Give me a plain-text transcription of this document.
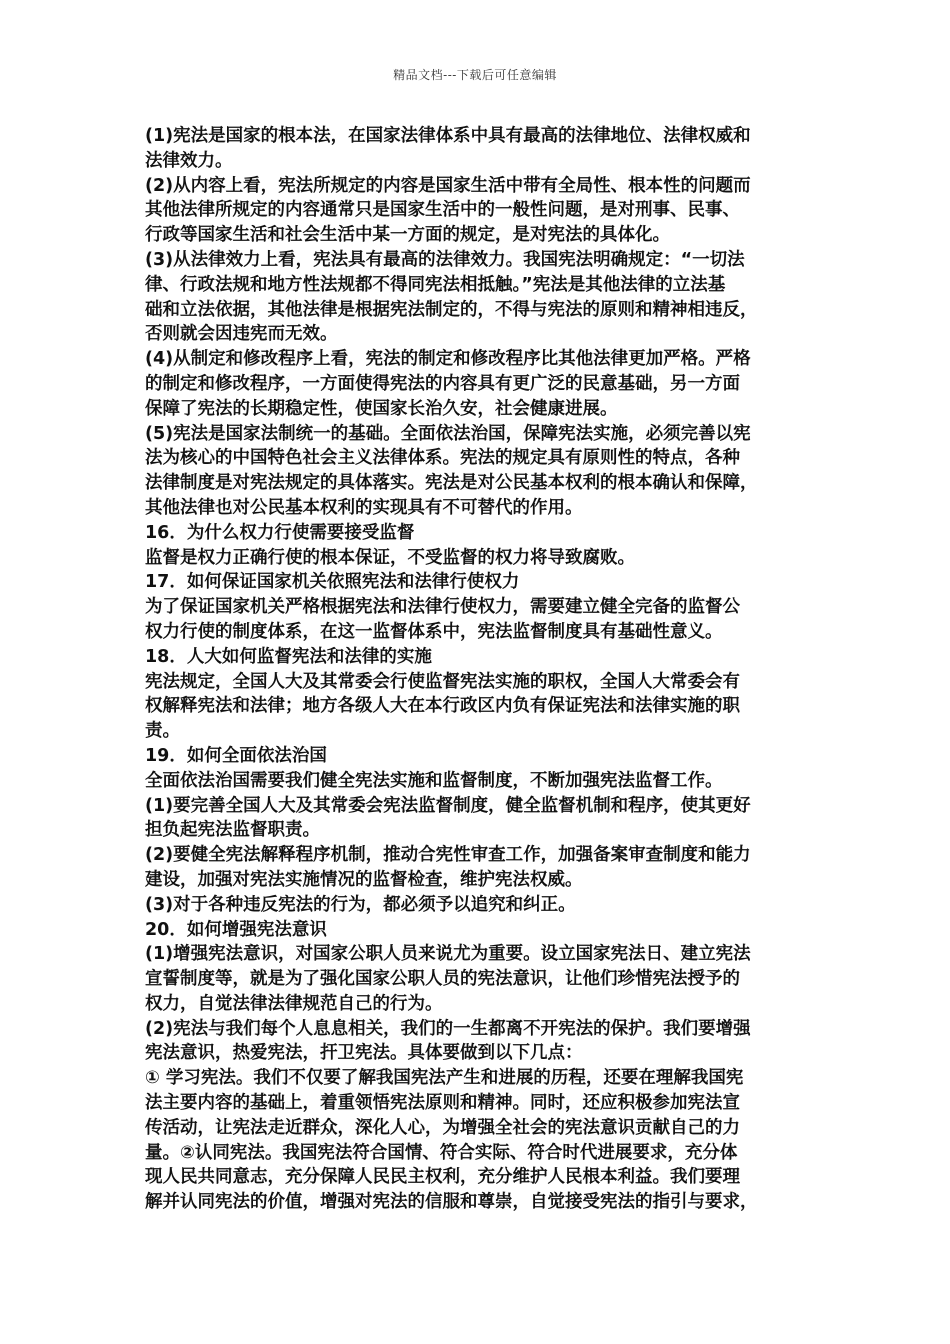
精品文档---下载后可任意编辑
(1)宪法是国家的根本法，在国家法律体系中具有最高的法律地位、法律权威和
法律效力。
(2)从内容上看，宪法所规定的内容是国家生活中带有全局性、根本性的问题而
其他法律所规定的内容通常只是国家生活中的一般性问题，是对刑事、民事、
行政等国家生活和社会生活中某一方面的规定，是对宪法的具体化。
(3)从法律效力上看，宪法具有最高的法律效力。我国宪法明确规定：“一切法
律、行政法规和地方性法规都不得同宪法相抵触。”宪法是其他法律的立法基
础和立法依据，其他法律是根据宪法制定的，不得与宪法的原则和精神相违反，
否则就会因违宪而无效。
(4)从制定和修改程序上看，宪法的制定和修改程序比其他法律更加严格。严格
的制定和修改程序，一方面使得宪法的内容具有更广泛的民意基础，另一方面
保障了宪法的长期稳定性，使国家长治久安，社会健康进展。
(5)宪法是国家法制统一的基础。全面依法治国，保障宪法实施，必须完善以宪
法为核心的中国特色社会主义法律体系。宪法的规定具有原则性的特点，各种
法律制度是对宪法规定的具体落实。宪法是对公民基本权利的根本确认和保障，
其他法律也对公民基本权利的实现具有不可替代的作用。
16．为什么权力行使需要接受监督
监督是权力正确行使的根本保证，不受监督的权力将导致腐败。
17．如何保证国家机关依照宪法和法律行使权力
为了保证国家机关严格根据宪法和法律行使权力，需要建立健全完备的监督公
权力行使的制度体系，在这一监督体系中，宪法监督制度具有基础性意义。
18．人大如何监督宪法和法律的实施
宪法规定，全国人大及其常委会行使监督宪法实施的职权，全国人大常委会有
权解释宪法和法律；地方各级人大在本行政区内负有保证宪法和法律实施的职
责。
19．如何全面依法治国
全面依法治国需要我们健全宪法实施和监督制度，不断加强宪法监督工作。
(1)要完善全国人大及其常委会宪法监督制度，健全监督机制和程序，使其更好
担负起宪法监督职责。
(2)要健全宪法解释程序机制，推动合宪性审查工作，加强备案审查制度和能力
建设，加强对宪法实施情况的监督检查，维护宪法权威。
(3)对于各种违反宪法的行为，都必须予以追究和纠正。
20．如何增强宪法意识
(1)增强宪法意识，对国家公职人员来说尤为重要。设立国家宪法日、建立宪法
宣誓制度等，就是为了强化国家公职人员的宪法意识，让他们珍惜宪法授予的
权力，自觉法律法律规范自己的行为。
(2)宪法与我们每个人息息相关，我们的一生都离不开宪法的保护。我们要增强
宪法意识，热爱宪法，扞卫宪法。具体要做到以下几点：
① 学习宪法。我们不仅要了解我国宪法产生和进展的历程，还要在理解我国宪
法主要内容的基础上，着重领悟宪法原则和精神。同时，还应积极参加宪法宣
传活动，让宪法走近群众，深化人心，为增强全社会的宪法意识贡献自己的力
量。②认同宪法。我国宪法符合国情、符合实际、符合时代进展要求，充分体
现人民共同意志，充分保障人民民主权利，充分维护人民根本利益。我们要理
解并认同宪法的价值，增强对宪法的信服和尊崇，自觉接受宪法的指引与要求，
